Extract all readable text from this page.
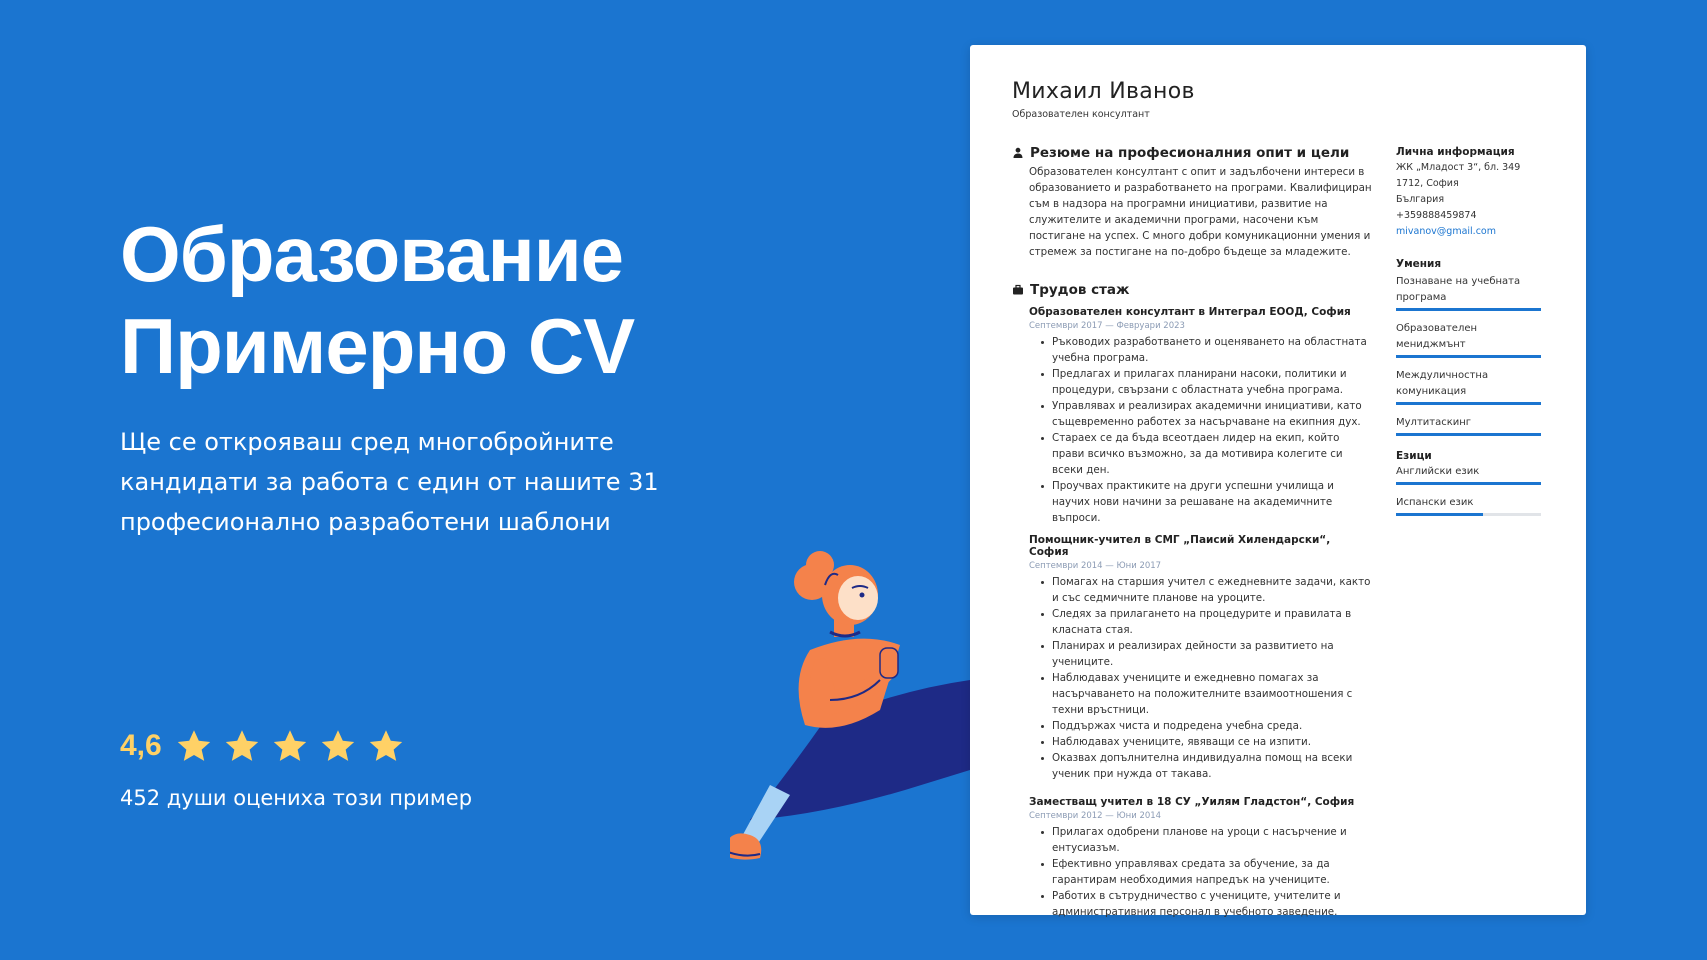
Образование
Примерно CV
Ще се открояваш сред многобройните кандидати за работа с един от нашите 31 професионално разработени шаблони
4,6
452 души оцениха този пример
Михаил Иванов
Образователен консултант
Резюме на професионалния опит и цели
Образователен консултант с опит и задълбочени интереси в образованието и разработването на програми. Квалифициран съм в надзора на програмни инициативи, развитие на служителите и академични програми, насочени към постигане на успех. С много добри комуникационни умения и стремеж за постигане на по-добро бъдеще за младежите.
Трудов стаж
Образователен консултант в Интеграл ЕООД, София
Септември 2017 — Февруари 2023
Ръководих разработването и оценяването на областната учебна програма.
Предлагах и прилагах планирани насоки, политики и процедури, свързани с областната учебна програма.
Управлявах и реализирах академични инициативи, като същевременно работех за насърчаване на екипния дух.
Стараех се да бъда всеотдаен лидер на екип, който прави всичко възможно, за да мотивира колегите си всеки ден.
Проучвах практиките на други успешни училища и научих нови начини за решаване на академичните въпроси.
Помощник-учител в СМГ „Паисий Хилендарски“, София
Септември 2014 — Юни 2017
Помагах на старшия учител с ежедневните задачи, както и със седмичните планове на уроците.
Следях за прилагането на процедурите и правилата в класната стая.
Планирах и реализирах дейности за развитието на учениците.
Наблюдавах учениците и ежедневно помагах за насърчаването на положителните взаимоотношения с техни връстници.
Поддържах чиста и подредена учебна среда.
Наблюдавах учениците, явяващи се на изпити.
Оказвах допълнителна индивидуална помощ на всеки ученик при нужда от такава.
Заместващ учител в 18 СУ „Уилям Гладстон“, София
Септември 2012 — Юни 2014
Прилагах одобрени планове на уроци с насърчение и ентусиазъм.
Ефективно управлявах средата за обучение, за да гарантирам необходимия напредък на учениците.
Работих в сътрудничество с учениците, учителите и административния персонал в учебното заведение.
Лична информация
ЖК „Младост 3“, бл. 349
1712, София
България
+359888459874
mivanov@gmail.com
Умения
Познаване на учебната програма
Образователен мениджмънт
Междуличностна комуникация
Мултитаскинг
Езици
Английски език
Испански език
